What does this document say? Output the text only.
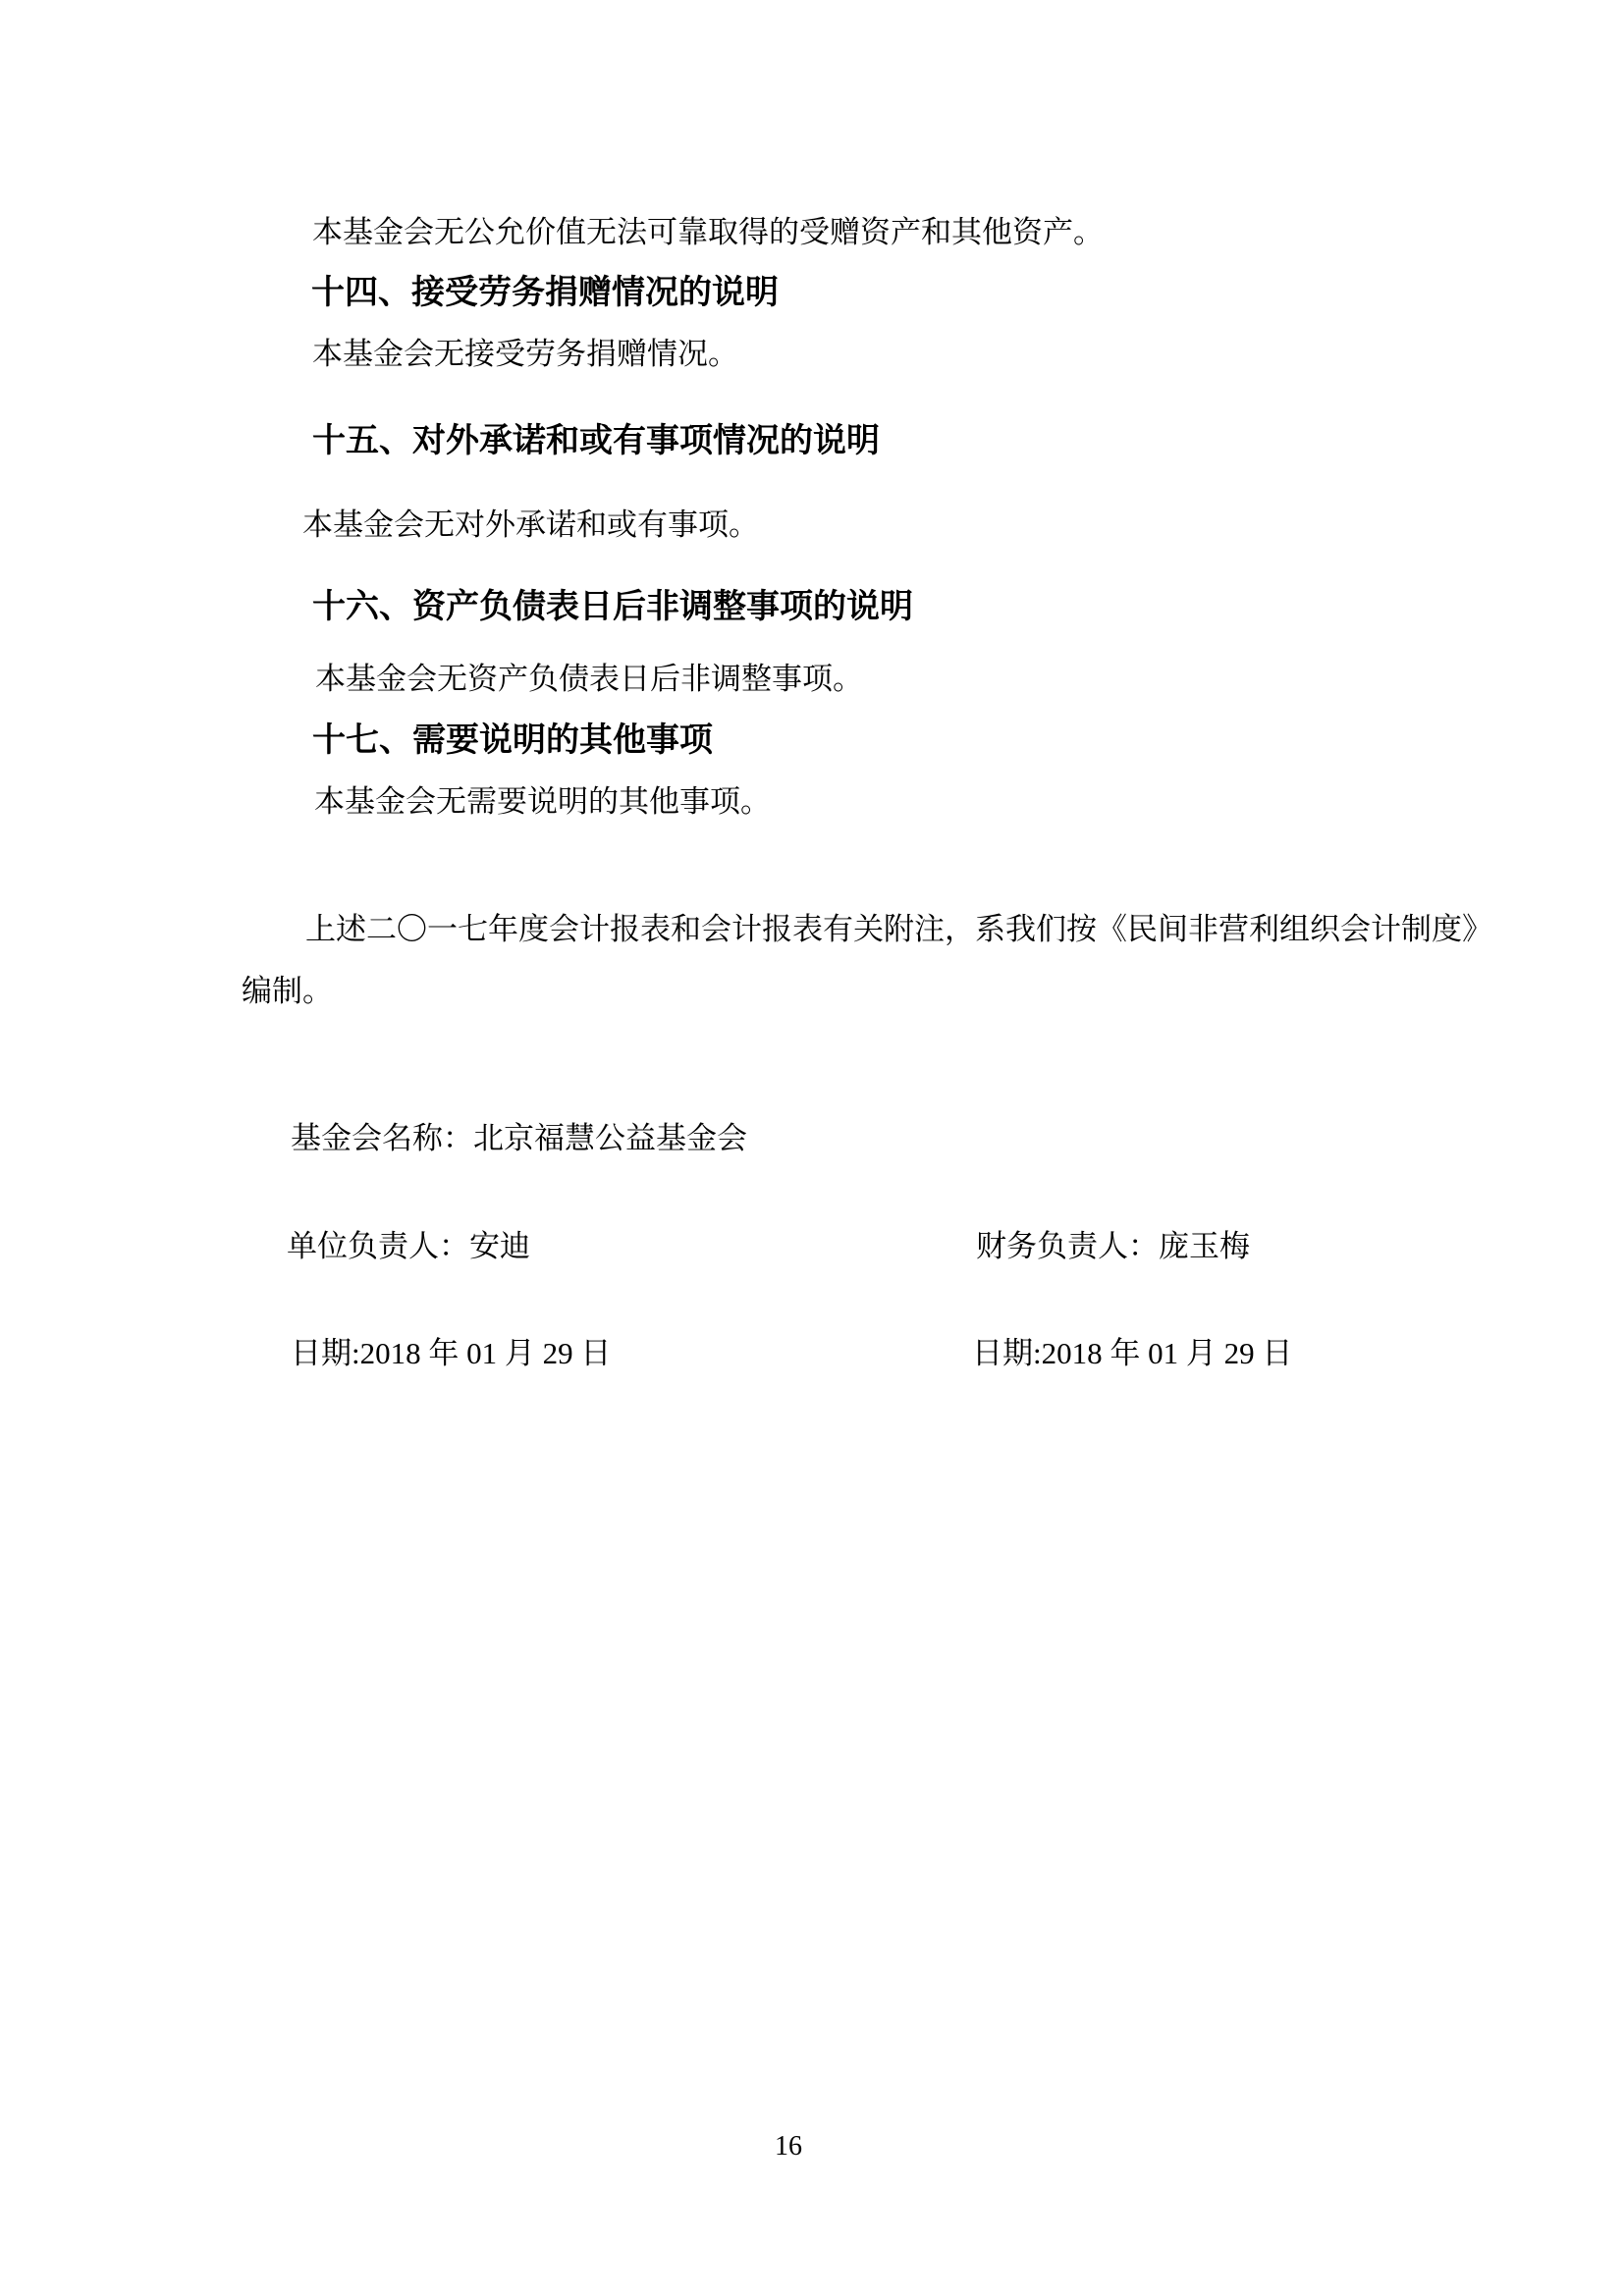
本基金会无公允价值无法可靠取得的受赠资产和其他资产。
十四、接受劳务捐赠情况的说明
本基金会无接受劳务捐赠情况。
十五、对外承诺和或有事项情况的说明
本基金会无对外承诺和或有事项。
十六、资产负债表日后非调整事项的说明
本基金会无资产负债表日后非调整事项。
十七、需要说明的其他事项
本基金会无需要说明的其他事项。
上述二〇一七年度会计报表和会计报表有关附注，系我们按《民间非营利组织会计制度》
编制。
基金会名称：北京福慧公益基金会
单位负责人：安迪	财务负责人：庞玉梅
日期:2018 年 01 月 29 日	日期:2018 年 01 月 29 日
16
